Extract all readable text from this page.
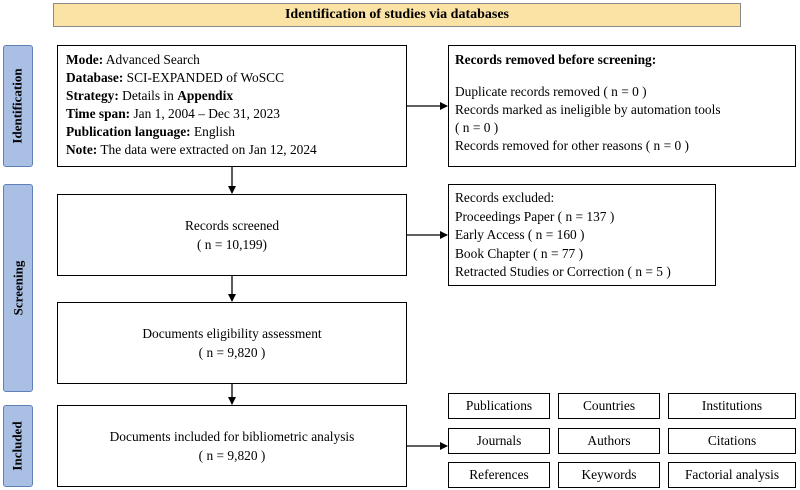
Identification of studies via databases
Identification
Screening
Included
Mode: Advanced Search
Database: SCI-EXPANDED of WoSCC
Strategy: Details in Appendix
Time span: Jan 1, 2004 – Dec 31, 2023
Publication language: English
Note: The data were extracted on Jan 12, 2024
Records removed before screening:
Duplicate records removed ( n = 0 )
Records marked as ineligible by automation tools
( n = 0 )
Records removed for other reasons ( n = 0 )
Records screened
( n = 10,199)
Records excluded:
Proceedings Paper ( n = 137 )
Early Access ( n = 160 )
Book Chapter ( n = 77 )
Retracted Studies or Correction ( n = 5 )
Documents eligibility assessment
( n = 9,820 )
Documents included for bibliometric analysis
( n = 9,820 )
Publications	Countries	Institutions
Journals	Authors	Citations
References	Keywords	Factorial analysis
